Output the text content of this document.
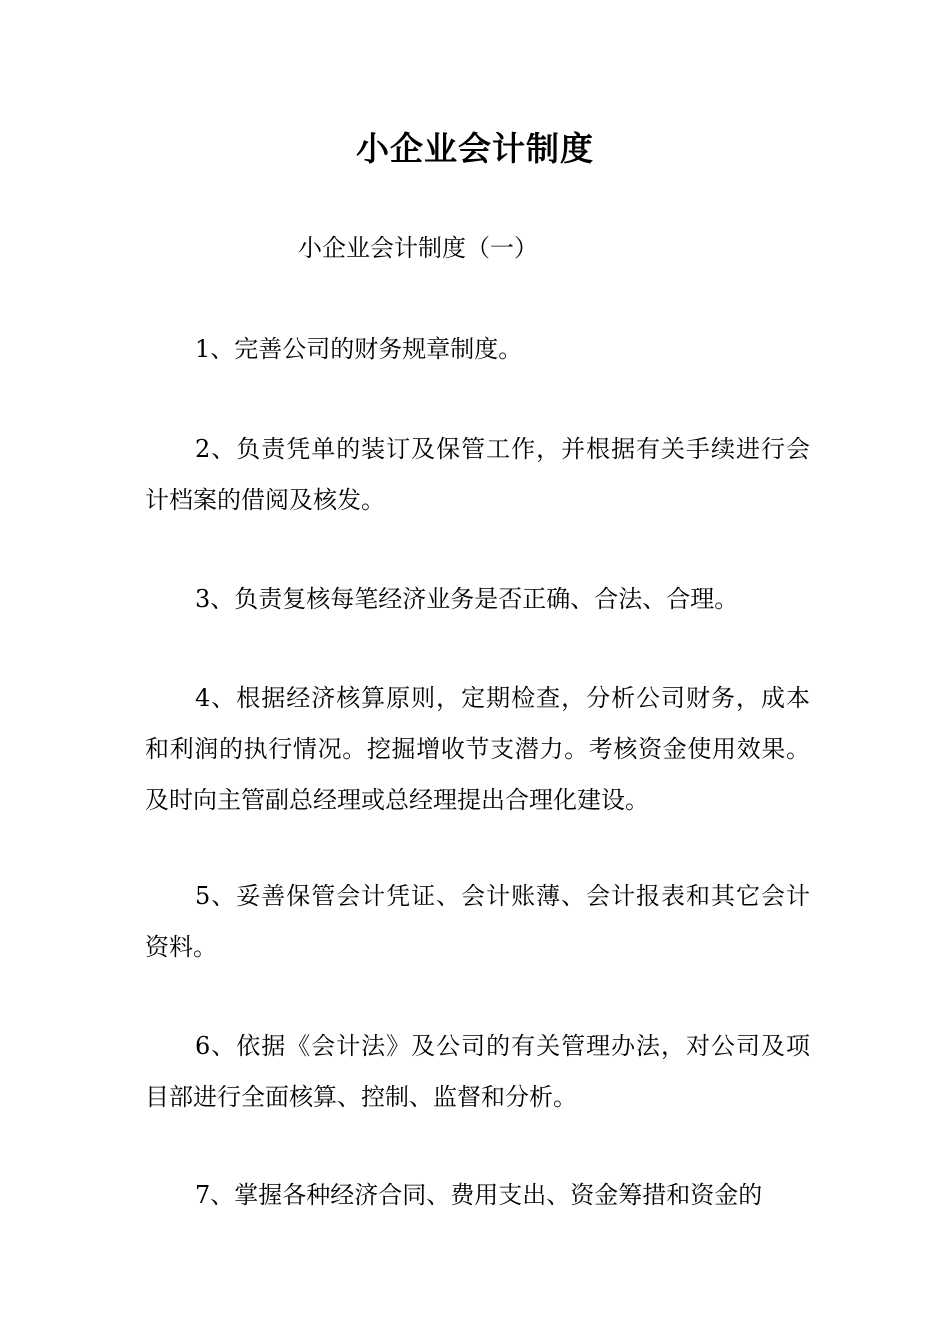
小企业会计制度

小企业会计制度（一）

1、完善公司的财务规章制度。

2、负责凭单的装订及保管工作，并根据有关手续进行会计档案的借阅及核发。

3、负责复核每笔经济业务是否正确、合法、合理。

4、根据经济核算原则，定期检查，分析公司财务，成本和利润的执行情况。挖掘增收节支潜力。考核资金使用效果。及时向主管副总经理或总经理提出合理化建设。

5、妥善保管会计凭证、会计账薄、会计报表和其它会计资料。

6、依据《会计法》及公司的有关管理办法，对公司及项目部进行全面核算、控制、监督和分析。

7、掌握各种经济合同、费用支出、资金筹措和资金的
